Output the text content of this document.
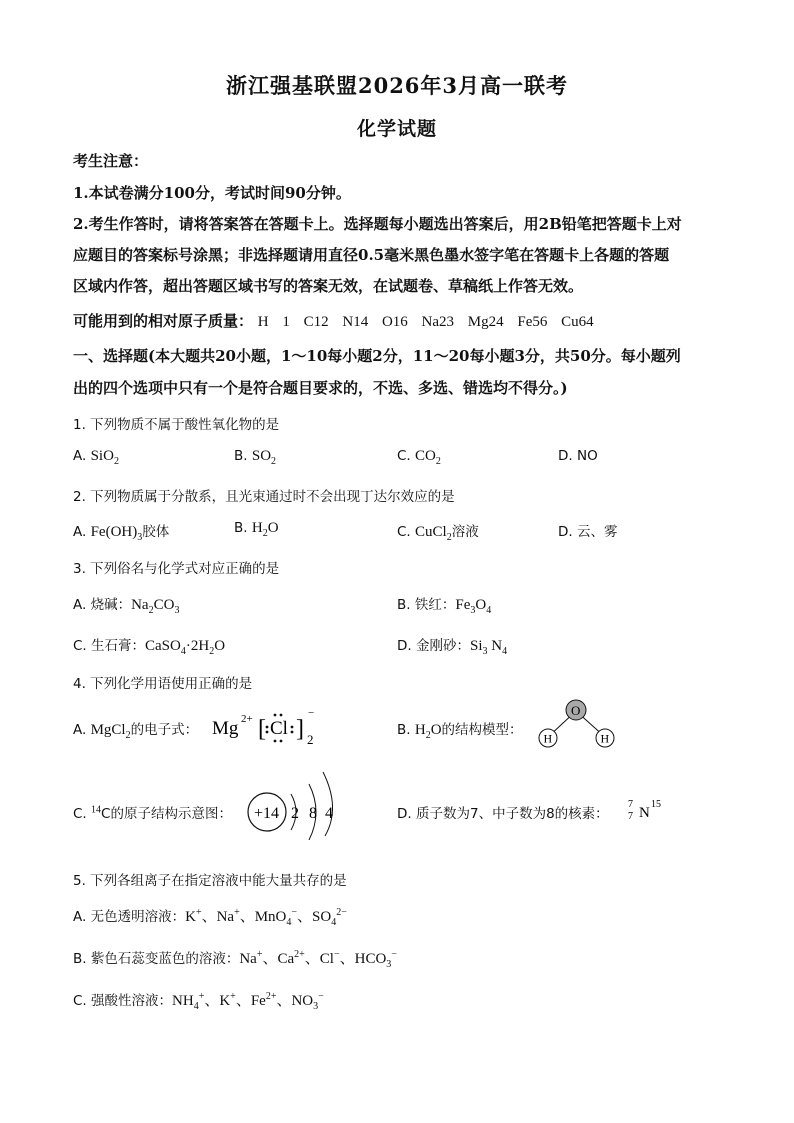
浙江强基联盟2026年3月高一联考
化学试题
考生注意：
1.本试卷满分100分，考试时间90分钟。
2.考生作答时，请将答案答在答题卡上。选择题每小题选出答案后，用2B铅笔把答题卡上对
应题目的答案标号涂黑；非选择题请用直径0.5毫米黑色墨水签字笔在答题卡上各题的答题
区域内作答，超出答题区域书写的答案无效，在试题卷、草稿纸上作答无效。
可能用到的相对原子质量： H 1 C12 N14 O16 Na23 Mg24 Fe56 Cu64
一、选择题(本大题共20小题，1～10每小题2分，11～20每小题3分，共50分。每小题列
出的四个选项中只有一个是符合题目要求的，不选、多选、错选均不得分。)
1. 下列物质不属于酸性氧化物的是
A. SiO$_2$	B. $SO_2$	C. $CO_2$	D. NO
2. 下列物质属于分散系，且光束通过时不会出现丁达尔效应的是
A. $Fe(OH)_3$胶体	B. $H_2O$	C. CuCl$_2$溶液	D. 云、雾
3. 下列俗名与化学式对应正确的是
A. 烧碱：$Na_2CO_3$	B. 铁红：$Fe_3O_4$
C. 生石膏：$CaSO_4\cdot 2H_2O$	D. 金刚砂：$Si_3$ $N_4$
4. 下列化学用语使用正确的是
A. MgCl$_2$的电子式： Mg 2+ [ Cl ]
−
2
B. $H_2O$的结构模型：
O
H	H
C. $^{14}$C的原子结构示意图： +14 2 8 4	D. 质子数为7、中子数为8的核素：
7
7 N
15
5. 下列各组离子在指定溶液中能大量共存的是
A. 无色透明溶液：K+、Na+、MnO$_4$−、$SO_4^{2-}$
B. 紫色石蕊变蓝色的溶液：Na+、$Ca^{2+}$、Cl−、$HCO_3^-$
C. 强酸性溶液：$NH_4^+$、K+、$Fe^{2+}$、$NO_3^-$
